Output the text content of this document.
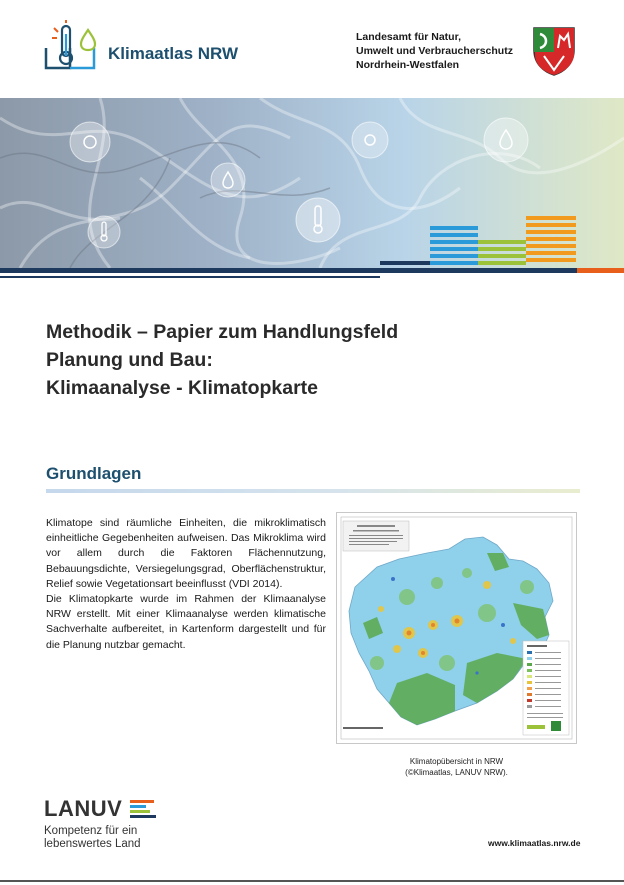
Klimaatlas NRW
Landesamt für Natur,
Umwelt und Verbraucherschutz
Nordrhein-Westfalen
Methodik – Papier zum Handlungsfeld
Planung und Bau:
Klimaanalyse - Klimatopkarte
Grundlagen

Klimatope sind räumliche Einheiten, die mikroklimatisch einheitliche Gegebenheiten aufweisen. Das Mikroklima wird vor allem durch die Faktoren Flächennutzung, Bebauungsdichte, Versiegelungsgrad, Oberflächenstruktur, Relief sowie Vegetationsart beeinflusst (VDI 2014).

Die Klimatopkarte wurde im Rahmen der Klimaanalyse NRW erstellt. Mit einer Klimaanalyse werden klimatische Sachverhalte aufbereitet, in Kartenform dargestellt und für die Planung nutzbar gemacht.

Klimatopübersicht in NRW
(©Klimaatlas, LANUV NRW).
LANUV
Kompetenz für ein
lebenswertes Land	www.klimaatlas.nrw.de
